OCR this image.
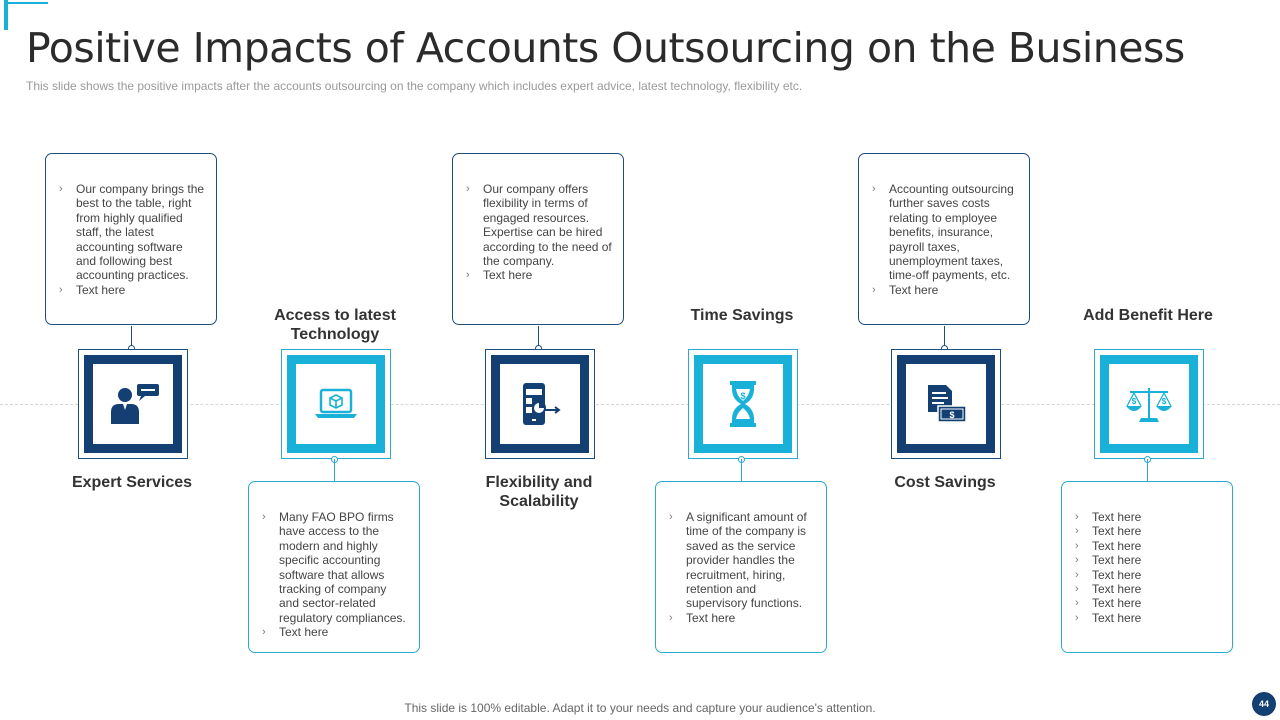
Positive Impacts of Accounts Outsourcing on the Business

This slide shows the positive impacts after the accounts outsourcing on the company which includes expert advice, latest technology, flexibility etc.

› Our company brings the best to the table, right from highly qualified staff, the latest accounting software and following best accounting practices.
› Text here
Expert Services
Access to latest Technology
› Many FAO BPO firms have access to the modern and highly specific accounting software that allows tracking of company and sector-related regulatory compliances.
› Text here
› Our company offers flexibility in terms of engaged resources. Expertise can be hired according to the need of the company.
› Text here
Flexibility and Scalability
Time Savings
$
› A significant amount of time of the company is saved as the service provider handles the recruitment, hiring, retention and supervisory functions.
› Text here
› Accounting outsourcing further saves costs relating to employee benefits, insurance, payroll taxes, unemployment taxes, time-off payments, etc.
› Text here
$
Cost Savings
Add Benefit Here
$	$
› Text here
› Text here
› Text here
› Text here
› Text here
› Text here
› Text here
› Text here
This slide is 100% editable. Adapt it to your needs and capture your audience's attention.	44
